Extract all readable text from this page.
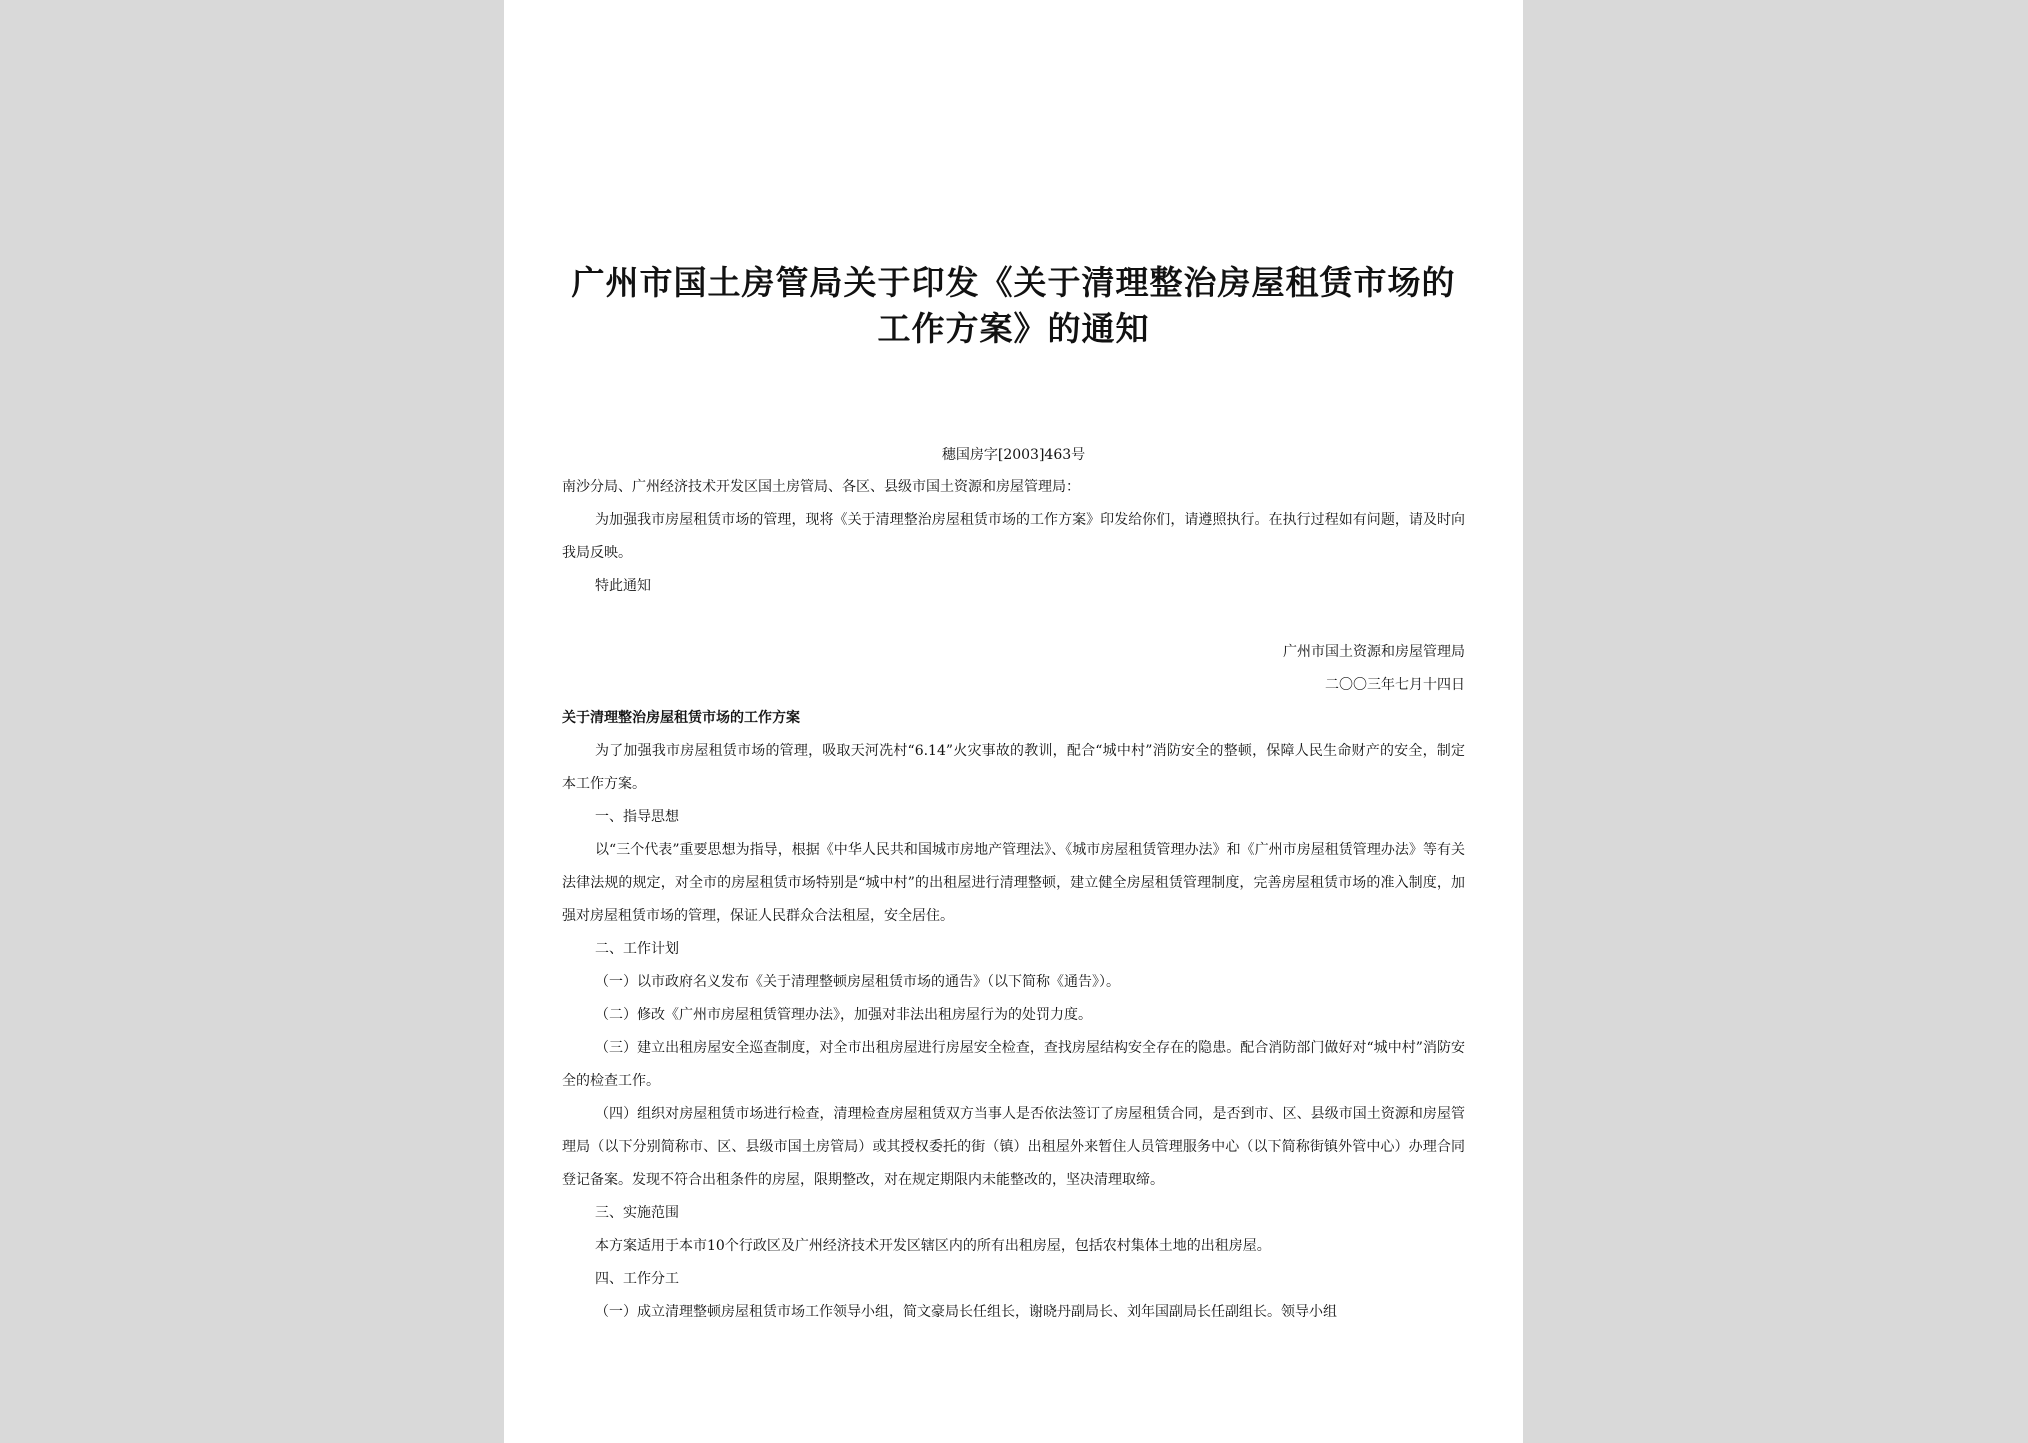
广州市国土房管局关于印发《关于清理整治房屋租赁市场的工作方案》的通知

穗国房字[2003]463号

南沙分局、广州经济技术开发区国土房管局、各区、县级市国土资源和房屋管理局：

为加强我市房屋租赁市场的管理，现将《关于清理整治房屋租赁市场的工作方案》印发给你们，请遵照执行。在执行过程如有问题，请及时向我局反映。

特此通知

广州市国土资源和房屋管理局

二〇〇三年七月十四日

关于清理整治房屋租赁市场的工作方案

为了加强我市房屋租赁市场的管理，吸取天河冼村“6.14”火灾事故的教训，配合“城中村”消防安全的整顿，保障人民生命财产的安全，制定本工作方案。

一、指导思想

以“三个代表”重要思想为指导，根据《中华人民共和国城市房地产管理法》、《城市房屋租赁管理办法》和《广州市房屋租赁管理办法》等有关法律法规的规定，对全市的房屋租赁市场特别是“城中村”的出租屋进行清理整顿，建立健全房屋租赁管理制度，完善房屋租赁市场的准入制度，加强对房屋租赁市场的管理，保证人民群众合法租屋，安全居住。

二、工作计划

（一）以市政府名义发布《关于清理整顿房屋租赁市场的通告》（以下简称《通告》）。

（二）修改《广州市房屋租赁管理办法》，加强对非法出租房屋行为的处罚力度。

（三）建立出租房屋安全巡查制度，对全市出租房屋进行房屋安全检查，查找房屋结构安全存在的隐患。配合消防部门做好对“城中村”消防安全的检查工作。

（四）组织对房屋租赁市场进行检查，清理检查房屋租赁双方当事人是否依法签订了房屋租赁合同，是否到市、区、县级市国土资源和房屋管理局（以下分别简称市、区、县级市国土房管局）或其授权委托的街（镇）出租屋外来暂住人员管理服务中心（以下简称街镇外管中心）办理合同登记备案。发现不符合出租条件的房屋，限期整改，对在规定期限内未能整改的，坚决清理取缔。

三、实施范围

本方案适用于本市10个行政区及广州经济技术开发区辖区内的所有出租房屋，包括农村集体土地的出租房屋。

四、工作分工

（一）成立清理整顿房屋租赁市场工作领导小组，简文豪局长任组长，谢晓丹副局长、刘年国副局长任副组长。领导小组
